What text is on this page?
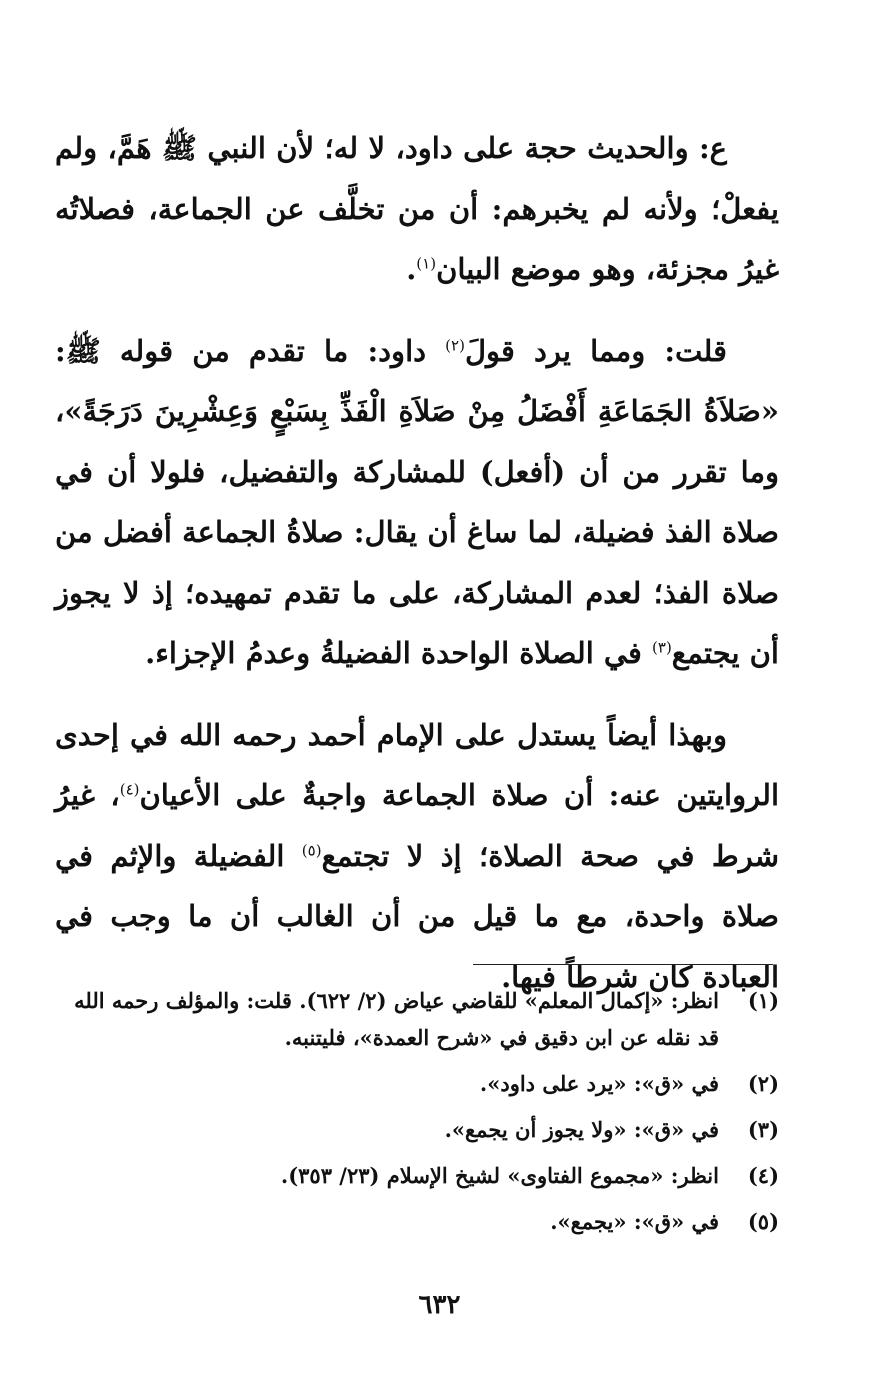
ع: والحديث حجة على داود، لا له؛ لأن النبي ﷺ هَمَّ، ولم يفعلْ؛ ولأنه لم يخبرهم: أن من تخلَّف عن الجماعة، فصلاتُه غيرُ مجزئة، وهو موضع البيان$^{(١)}$.

قلت: ومما يرد قولَ$^{(٢)}$ داود: ما تقدم من قوله ﷺ: «صَلاَةُ الجَمَاعَةِ أَفْضَلُ مِنْ صَلاَةِ الْفَذِّ بِسَبْعٍ وَعِشْرِينَ دَرَجَةً»، وما تقرر من أن (أفعل) للمشاركة والتفضيل، فلولا أن في صلاة الفذ فضيلة، لما ساغ أن يقال: صلاةُ الجماعة أفضل من صلاة الفذ؛ لعدم المشاركة، على ما تقدم تمهيده؛ إذ لا يجوز أن يجتمع$^{(٣)}$ في الصلاة الواحدة الفضيلةُ وعدمُ الإجزاء.

وبهذا أيضاً يستدل على الإمام أحمد رحمه الله في إحدى الروايتين عنه: أن صلاة الجماعة واجبةٌ على الأعيان$^{(٤)}$، غيرُ شرط في صحة الصلاة؛ إذ لا تجتمع$^{(٥)}$ الفضيلة والإثم في صلاة واحدة، مع ما قيل من أن الغالب أن ما وجب في العبادة كان شرطاً فيها.

(١)
انظر: «إكمال المعلم» للقاضي عياض (٢/ ٦٢٢). قلت: والمؤلف رحمه الله قد نقله عن ابن دقيق في «شرح العمدة»، فليتنبه.
(٢)
في «ق»: «يرد على داود».
(٣)
في «ق»: «ولا يجوز أن يجمع».
(٤)
انظر: «مجموع الفتاوى» لشيخ الإسلام (٢٣/ ٣٥٣).
(٥)
في «ق»: «يجمع».
٦٣٢
